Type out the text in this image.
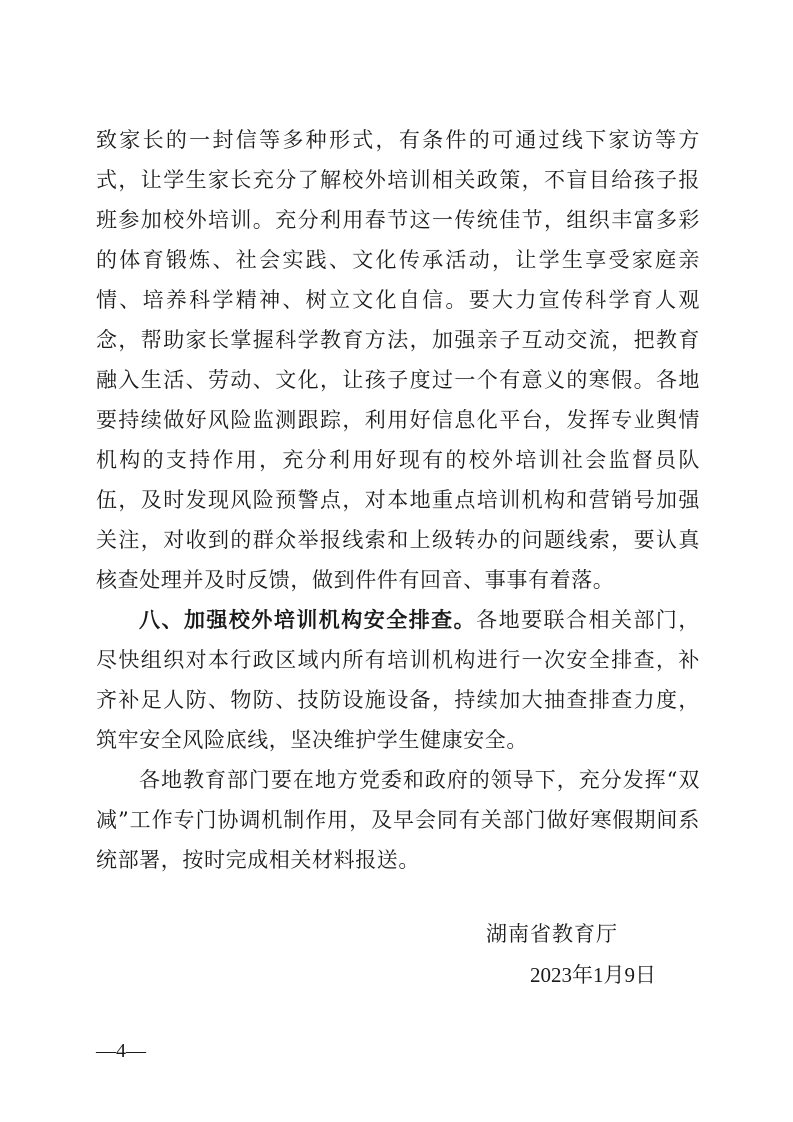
致家长的一封信等多种形式，有条件的可通过线下家访等方式，让学生家长充分了解校外培训相关政策，不盲目给孩子报班参加校外培训。充分利用春节这一传统佳节，组织丰富多彩的体育锻炼、社会实践、文化传承活动，让学生享受家庭亲情、培养科学精神、树立文化自信。要大力宣传科学育人观念，帮助家长掌握科学教育方法，加强亲子互动交流，把教育融入生活、劳动、文化，让孩子度过一个有意义的寒假。各地要持续做好风险监测跟踪，利用好信息化平台，发挥专业舆情机构的支持作用，充分利用好现有的校外培训社会监督员队伍，及时发现风险预警点，对本地重点培训机构和营销号加强关注，对收到的群众举报线索和上级转办的问题线索，要认真核查处理并及时反馈，做到件件有回音、事事有着落。

八、加强校外培训机构安全排查。各地要联合相关部门，尽快组织对本行政区域内所有培训机构进行一次安全排查，补齐补足人防、物防、技防设施设备，持续加大抽查排查力度，筑牢安全风险底线，坚决维护学生健康安全。

各地教育部门要在地方党委和政府的领导下，充分发挥“双减”工作专门协调机制作用，及早会同有关部门做好寒假期间系统部署，按时完成相关材料报送。

湖南省教育厅
2023年1月9日
—4—
